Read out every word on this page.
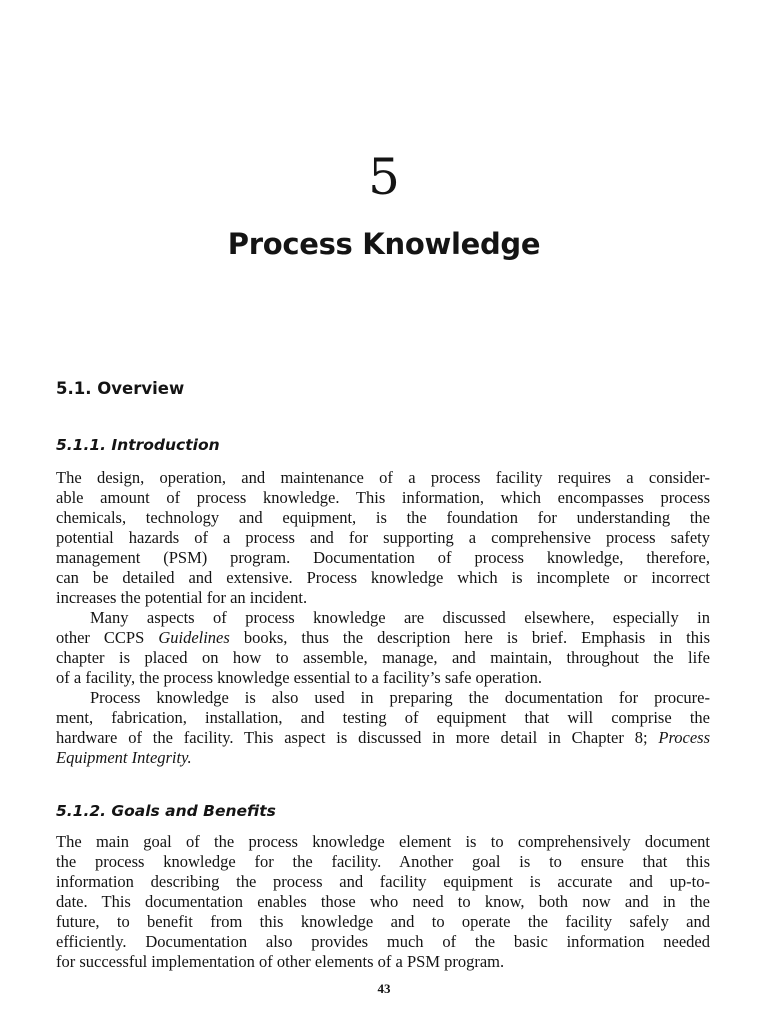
5
Process Knowledge
5.1. Overview
5.1.1. Introduction
The design, operation, and maintenance of a process facility requires a consider-
able amount of process knowledge. This information, which encompasses process
chemicals, technology and equipment, is the foundation for understanding the
potential hazards of a process and for supporting a comprehensive process safety
management (PSM) program. Documentation of process knowledge, therefore,
can be detailed and extensive. Process knowledge which is incomplete or incorrect
increases the potential for an incident.
Many aspects of process knowledge are discussed elsewhere, especially in
other CCPS Guidelines books, thus the description here is brief. Emphasis in this
chapter is placed on how to assemble, manage, and maintain, throughout the life
of a facility, the process knowledge essential to a facility’s safe operation.
Process knowledge is also used in preparing the documentation for procure-
ment, fabrication, installation, and testing of equipment that will comprise the
hardware of the facility. This aspect is discussed in more detail in Chapter 8; Process
Equipment Integrity.
5.1.2. Goals and Benefits
The main goal of the process knowledge element is to comprehensively document
the process knowledge for the facility. Another goal is to ensure that this
information describing the process and facility equipment is accurate and up-to-
date. This documentation enables those who need to know, both now and in the
future, to benefit from this knowledge and to operate the facility safely and
efficiently. Documentation also provides much of the basic information needed
for successful implementation of other elements of a PSM program.
43
